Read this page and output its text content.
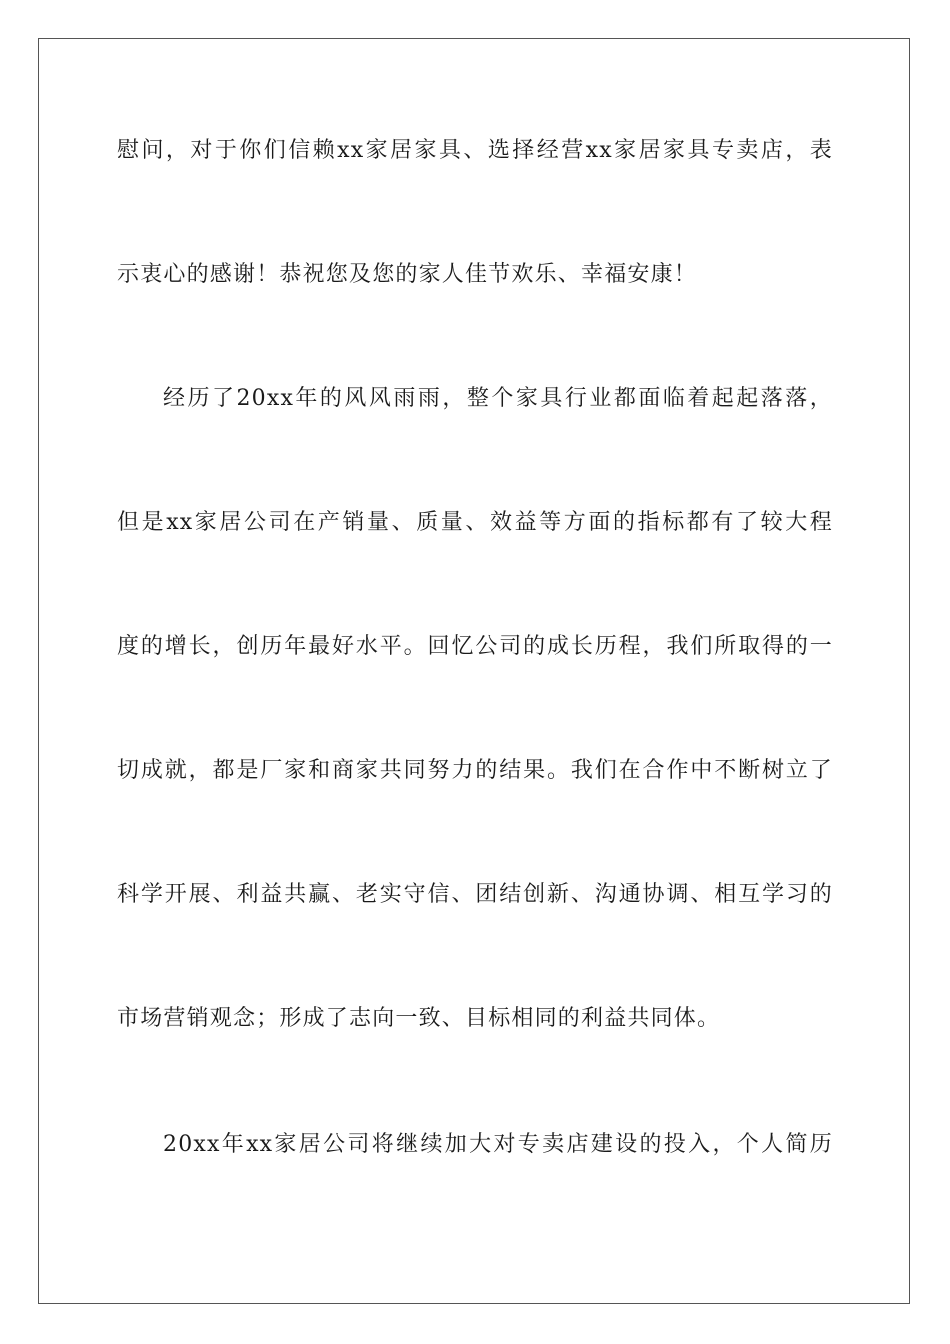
慰问，对于你们信赖xx家居家具、选择经营xx家居家具专卖店，表
示衷心的感谢！恭祝您及您的家人佳节欢乐、幸福安康！
经历了20xx年的风风雨雨，整个家具行业都面临着起起落落，
但是xx家居公司在产销量、质量、效益等方面的指标都有了较大程
度的增长，创历年最好水平。回忆公司的成长历程，我们所取得的一
切成就，都是厂家和商家共同努力的结果。我们在合作中不断树立了
科学开展、利益共赢、老实守信、团结创新、沟通协调、相互学习的
市场营销观念；形成了志向一致、目标相同的利益共同体。
20xx年xx家居公司将继续加大对专卖店建设的投入，个人简历
